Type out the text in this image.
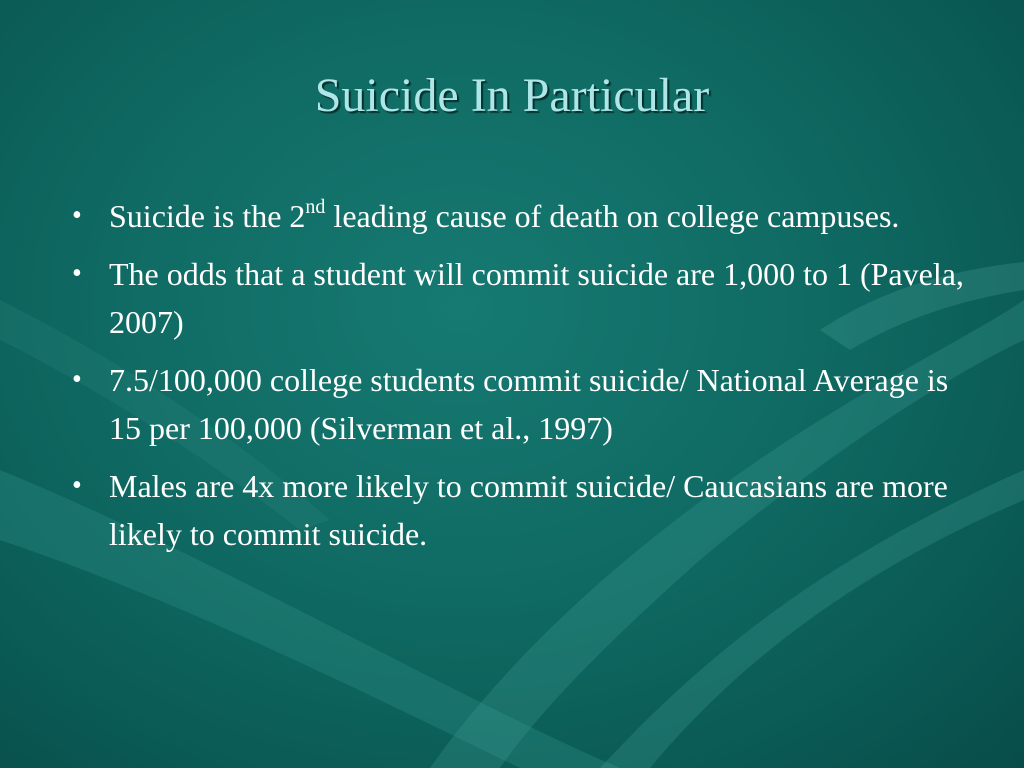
Suicide In Particular
• Suicide is the 2nd leading cause of death on college campuses.
• The odds that a student will commit suicide are 1,000 to 1 (Pavela, 2007)
• 7.5/100,000 college students commit suicide/ National Average is 15 per 100,000 (Silverman et al., 1997)
• Males are 4x more likely to commit suicide/ Caucasians are more likely to commit suicide.
